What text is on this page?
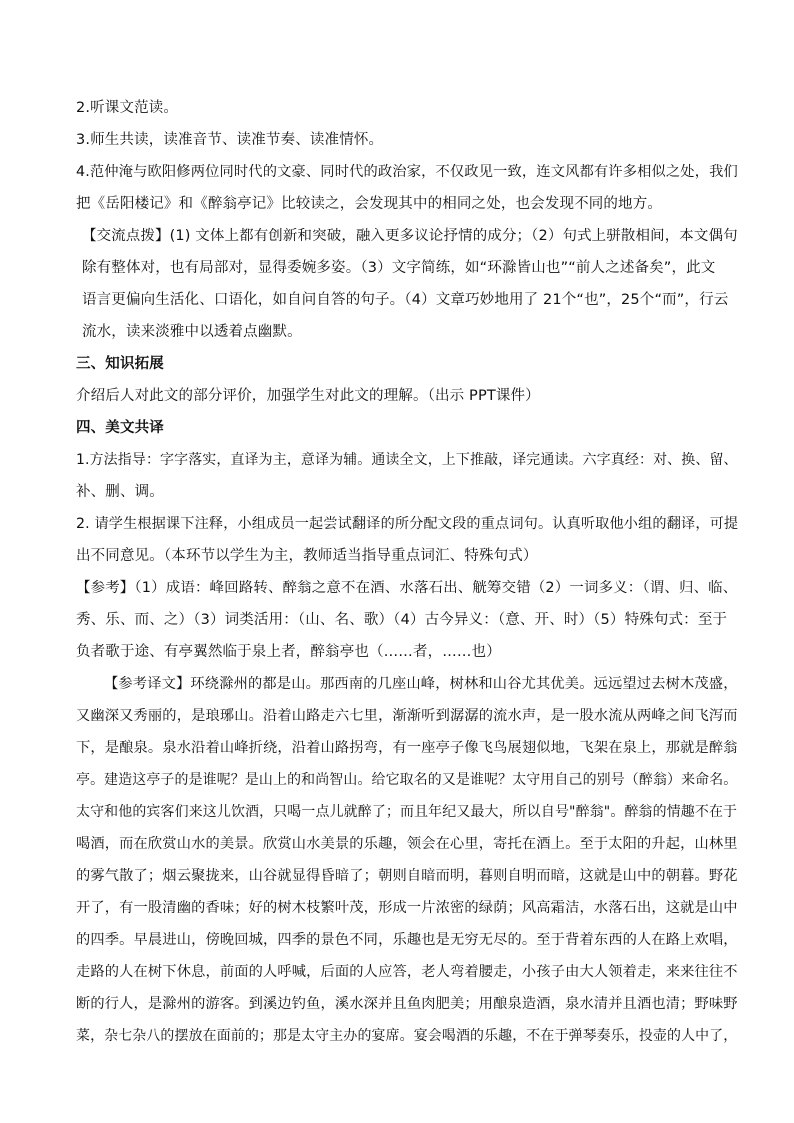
2.听课文范读。
3.师生共读，读准音节、读准节奏、读准情怀。
4.范仲淹与欧阳修两位同时代的文豪、同时代的政治家，不仅政见一致，连文风都有许多相似之处，我们
把《岳阳楼记》和《醉翁亭记》比较读之，会发现其中的相同之处，也会发现不同的地方。
【交流点拨】(1) 文体上都有创新和突破，融入更多议论抒情的成分；（2）句式上骈散相间，本文偶句
除有整体对，也有局部对，显得委婉多姿。（3）文字简练，如“环滁皆山也”“前人之述备矣”，此文
语言更偏向生活化、口语化，如自问自答的句子。（4）文章巧妙地用了 21个“也”，25个“而”，行云
流水，读来淡雅中以透着点幽默。
三、知识拓展
介绍后人对此文的部分评价，加强学生对此文的理解。（出示 PPT课件）
四、美文共译
1.方法指导：字字落实，直译为主，意译为辅。通读全文，上下推敲，译完通读。六字真经：对、换、留、
补、删、调。
2. 请学生根据课下注释，小组成员一起尝试翻译的所分配文段的重点词句。认真听取他小组的翻译，可提
出不同意见。（本环节以学生为主，教师适当指导重点词汇、特殊句式）
【参考】（1）成语：峰回路转、醉翁之意不在酒、水落石出、觥筹交错（2）一词多义：（谓、归、临、
秀、乐、而、之）（3）词类活用：（山、名、歌）（4）古今异义：（意、开、时）（5）特殊句式：至于
负者歌于途、有亭翼然临于泉上者，醉翁亭也（……者，……也）
【参考译文】环绕滁州的都是山。那西南的几座山峰，树林和山谷尤其优美。远远望过去树木茂盛，
又幽深又秀丽的，是琅琊山。沿着山路走六七里，渐渐听到潺潺的流水声，是一股水流从两峰之间飞泻而
下，是酿泉。泉水沿着山峰折绕，沿着山路拐弯，有一座亭子像飞鸟展翅似地，飞架在泉上，那就是醉翁
亭。建造这亭子的是谁呢？是山上的和尚智山。给它取名的又是谁呢？太守用自己的别号（醉翁）来命名。
太守和他的宾客们来这儿饮酒，只喝一点儿就醉了；而且年纪又最大，所以自号"醉翁"。醉翁的情趣不在于
喝酒，而在欣赏山水的美景。欣赏山水美景的乐趣，领会在心里，寄托在酒上。至于太阳的升起，山林里
的雾气散了；烟云聚拢来，山谷就显得昏暗了；朝则自暗而明，暮则自明而暗，这就是山中的朝暮。野花
开了，有一股清幽的香味；好的树木枝繁叶茂，形成一片浓密的绿荫；风高霜洁，水落石出，这就是山中
的四季。早晨进山，傍晚回城，四季的景色不同，乐趣也是无穷无尽的。至于背着东西的人在路上欢唱，
走路的人在树下休息，前面的人呼喊，后面的人应答，老人弯着腰走，小孩子由大人领着走，来来往往不
断的行人，是滁州的游客。到溪边钓鱼，溪水深并且鱼肉肥美；用酿泉造酒，泉水清并且酒也清；野味野
菜，杂七杂八的摆放在面前的；那是太守主办的宴席。宴会喝酒的乐趣，不在于弹琴奏乐，投壶的人中了，
